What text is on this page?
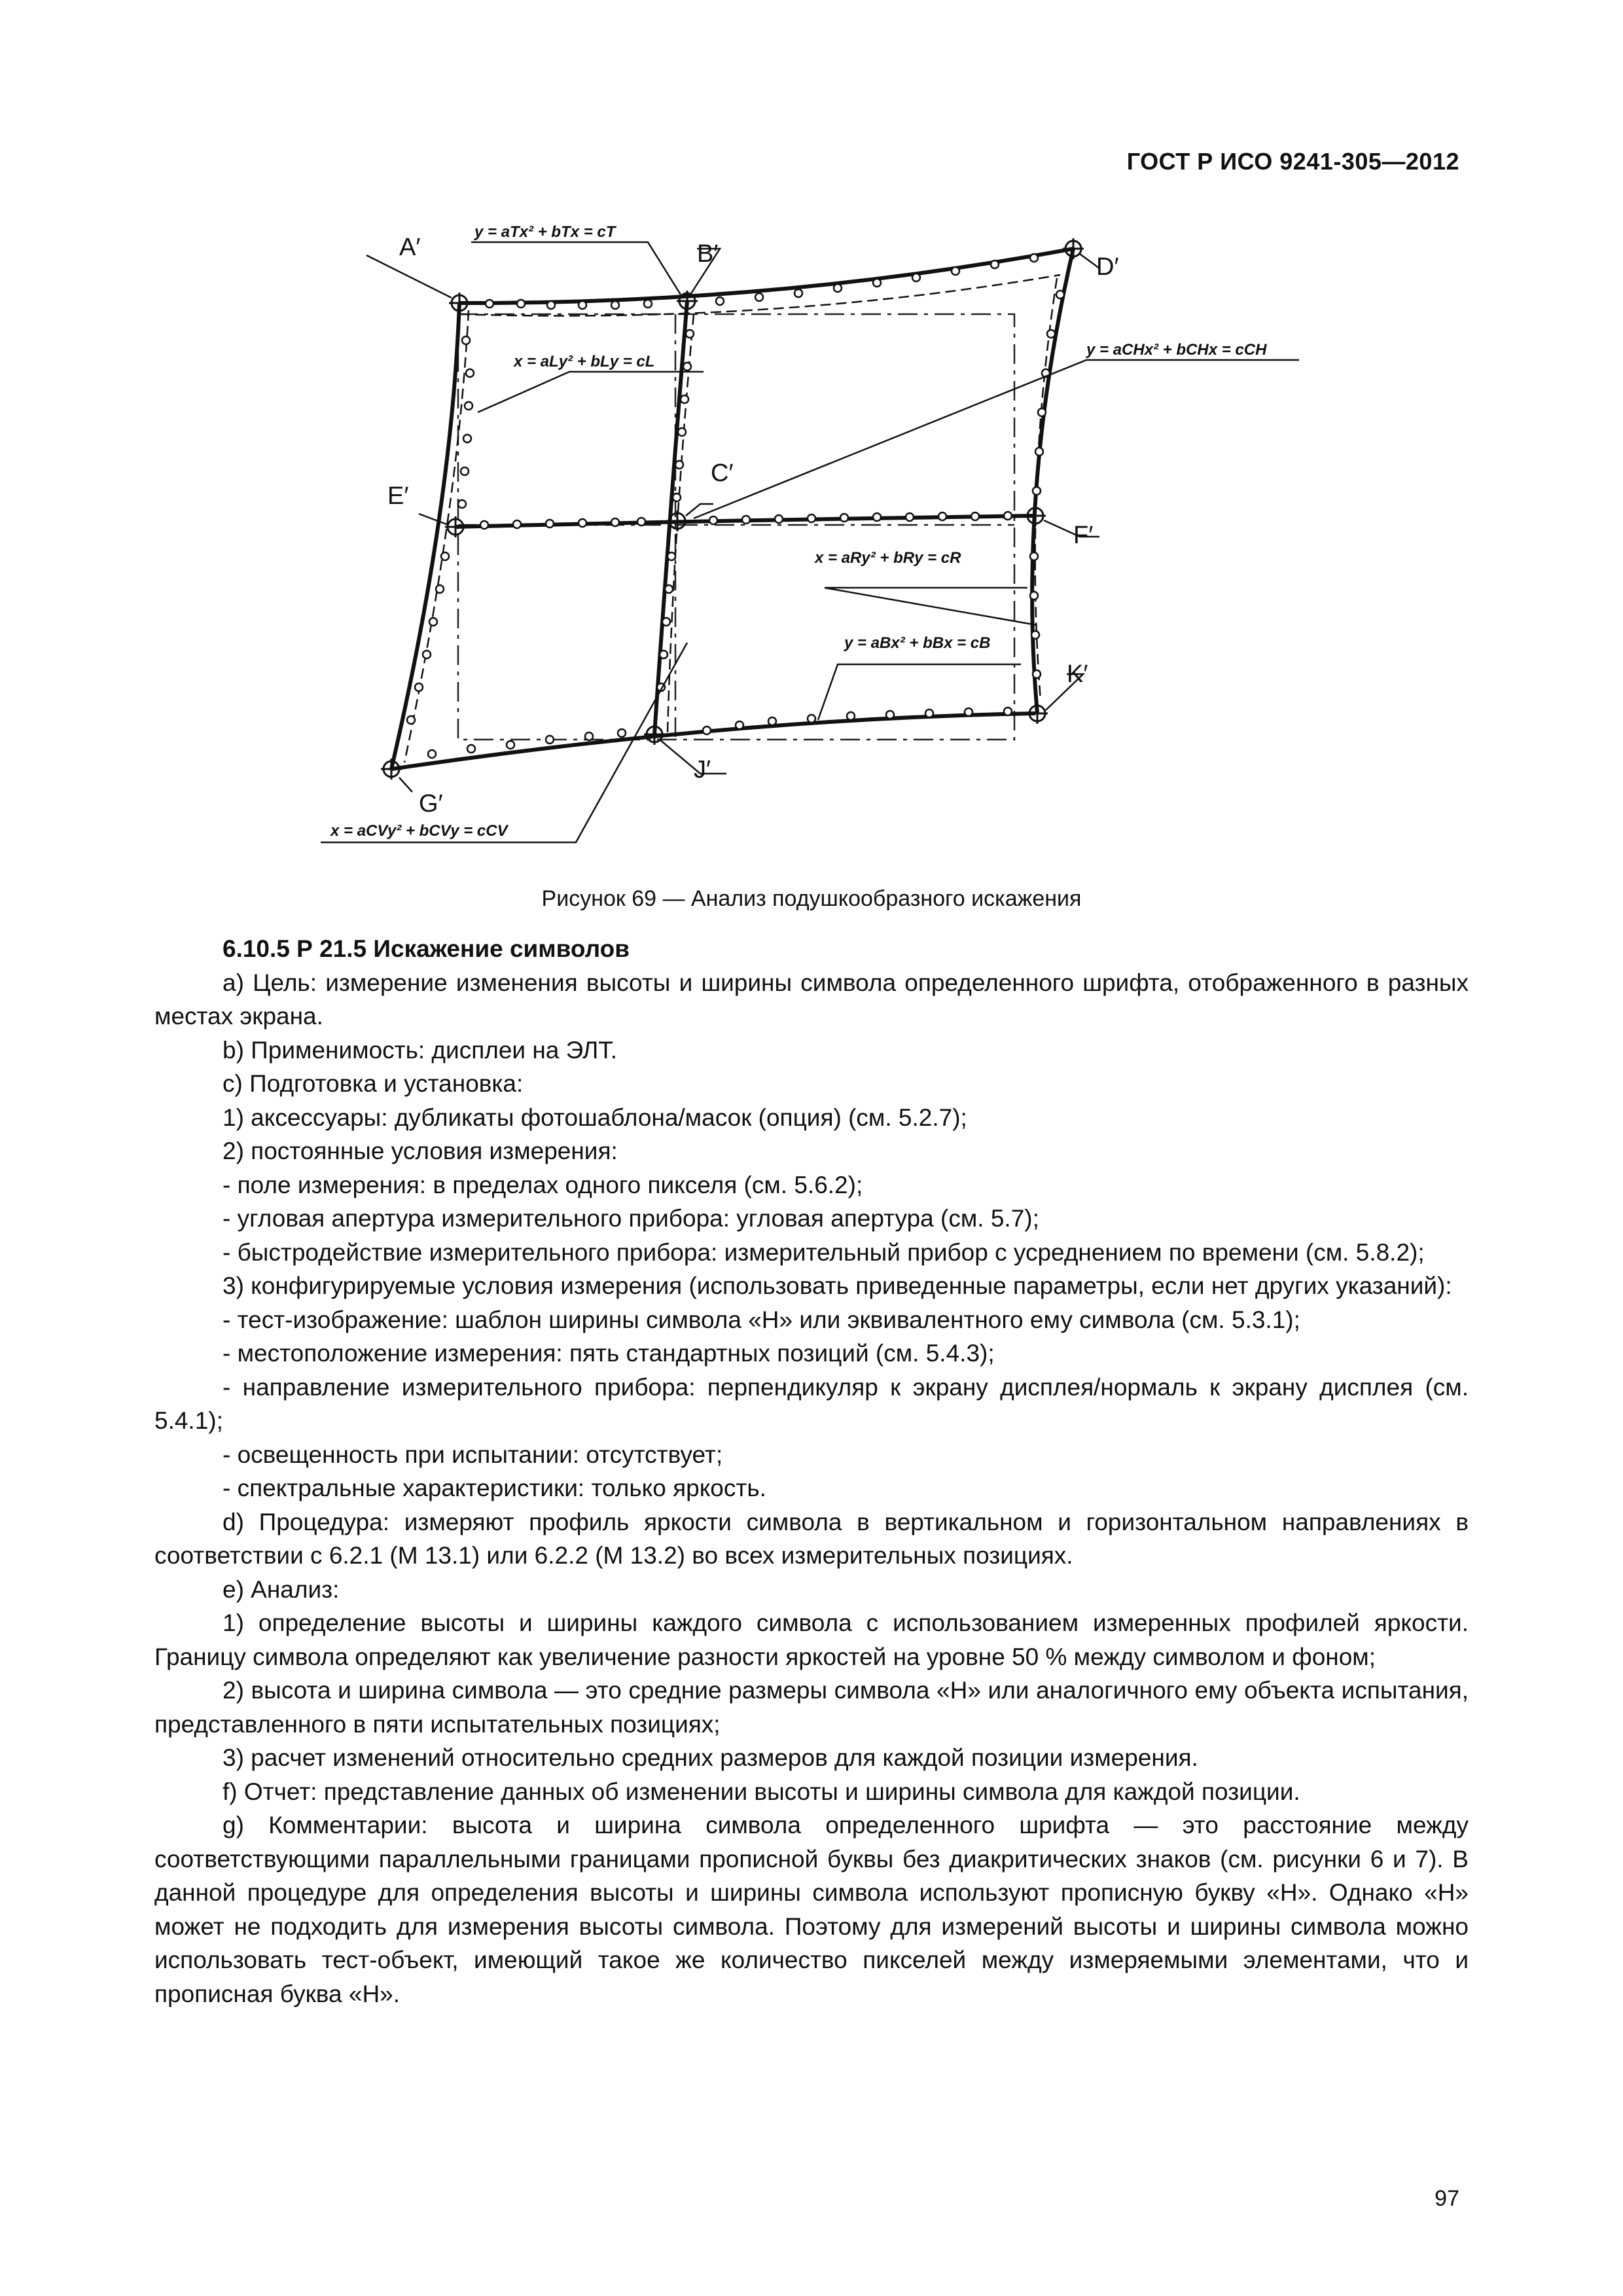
ГОСТ Р ИСО 9241-305—2012
A′	B′	D′
E′
C′
F′
K′
G′
J′
y = aTx² + bTx = cT
x = aLy² + bLy = cL
y = aCHx² + bCHx = cCH
x = aRy² + bRy = cR
y = aBx² + bBx = cB
x = aCVy² + bCVy = cCV
Рисунок 69 — Анализ подушкообразного искажения

6.10.5 Р 21.5 Искажение символов

а) Цель: измерение изменения высоты и ширины символа определенного шрифта, отображенного в разных местах экрана.

b) Применимость: дисплеи на ЭЛТ.

с) Подготовка и установка:

1) аксессуары: дубликаты фотошаблона/масок (опция) (см. 5.2.7);

2) постоянные условия измерения:

- поле измерения: в пределах одного пикселя (см. 5.6.2);

- угловая апертура измерительного прибора: угловая апертура (см. 5.7);

- быстродействие измерительного прибора: измерительный прибор с усреднением по времени (см. 5.8.2);

3) конфигурируемые условия измерения (использовать приведенные параметры, если нет других указаний):

- тест-изображение: шаблон ширины символа «Н» или эквивалентного ему символа (см. 5.3.1);

- местоположение измерения: пять стандартных позиций (см. 5.4.3);

- направление измерительного прибора: перпендикуляр к экрану дисплея/нормаль к экрану дисплея (см. 5.4.1);

- освещенность при испытании: отсутствует;

- спектральные характеристики: только яркость.

d) Процедура: измеряют профиль яркости символа в вертикальном и горизонтальном направлениях в соответствии с 6.2.1 (М 13.1) или 6.2.2 (М 13.2) во всех измерительных позициях.

е) Анализ:

1) определение высоты и ширины каждого символа с использованием измеренных профилей яркости. Границу символа определяют как увеличение разности яркостей на уровне 50 % между символом и фоном;

2) высота и ширина символа — это средние размеры символа «Н» или аналогичного ему объекта испытания, представленного в пяти испытательных позициях;

3) расчет изменений относительно средних размеров для каждой позиции измерения.

f) Отчет: представление данных об изменении высоты и ширины символа для каждой позиции.

g) Комментарии: высота и ширина символа определенного шрифта — это расстояние между соответствующими параллельными границами прописной буквы без диакритических знаков (см. рисунки 6 и 7). В данной процедуре для определения высоты и ширины символа используют прописную букву «Н». Однако «Н» может не подходить для измерения высоты символа. Поэтому для измерений высоты и ширины символа можно использовать тест-объект, имеющий такое же количество пикселей между измеряемыми элементами, что и прописная буква «Н».

97
